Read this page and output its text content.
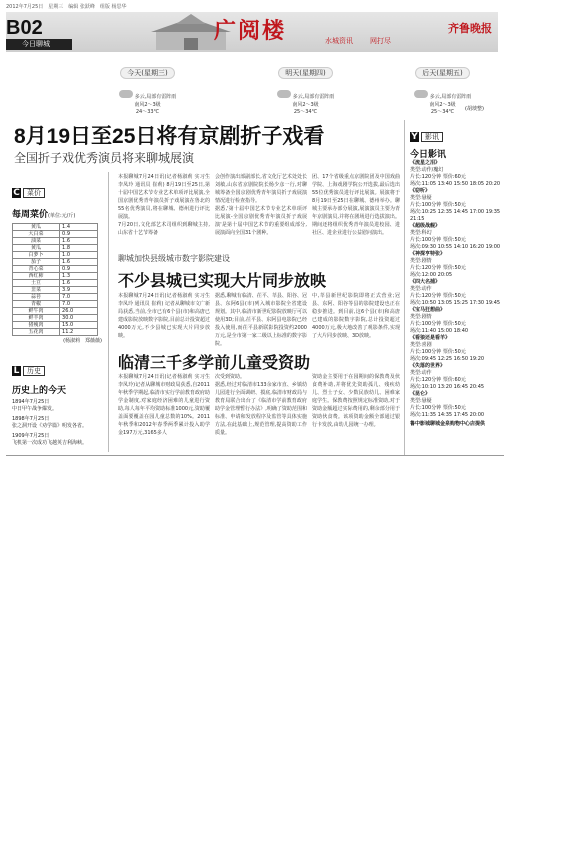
2012年7月25日　星期三　编辑 张跃峰　组版 杨思华
B02
今日聊城
广阅楼	水城资讯 网打尽
齐鲁晚报
今天(星期三)
多云,局部有雷阵雨
南风2～3级
24～33℃
明天(星期四)
多云,局部有雷阵雨
南风2～3级
25～34℃
后天(星期五)
多云,局部有雷阵雨
南风2～3级
25～34℃	(胡琰整)
8月19日至25日将有京剧折子戏看
全国折子戏优秀演员将来聊城展演
C 菜价
每周菜价(单位:元/斤)
黄瓜	1.4
大白菜	0.9
油菜	1.6
黄瓜	1.8
白萝卜	1.0
茄子	1.6
青心菜	0.9
西红柿	1.3
土豆	1.6
韭菜	3.9
蒜苔	7.0
青椒	7.0
鲜牛肉	26.0
鲜羊肉	30.0
猪瘦肉	15.0
五花肉	11.2
(杨淑莉　郑薇薇)
L 历史
历史上的今天
1894年7月25日
中日甲午战争爆发。
1898年7月25日
张之洞开设《劝学篇》明发各省。
1909年7月25日
飞机第一次成功飞越英吉利海峡。
本报聊城7月24日讯(记者杨淑莉 实习生 李凤玲 通讯员 崔莉) 8月19日至25日,第十届中国艺术节专业艺术单项评比展演,全国京剧优秀青年演员折子戏展演在鲁北的55名优秀演员,将在聊城、德州进行评比展演。
7月20日,文化部艺术司组织到聊城主持,山东省十艺节筹备
会创作演出部副部长,省文化厅艺术处处长刘敏,山东省京剧院院长杨少彦一行,对聊城筹备全国京剧优秀青年演员折子戏展演情况进行检查指导。
据悉,'第十届中国艺术节专业艺术单项评比展演-全国京剧优秀青年演员折子戏展演'是第十届中国艺术节的重要组成部分,展演面向全国31个剧种。
团、17个省级重点京剧院团及中国戏曲学院、上海戏剧学院公开选拔,最后选出55位优秀演员进行评比展演。展演将于8月19日至25日在聊城、德州举办。聊城主要承办部分展演,展演演员主要为青年京剧演员,并将在剧场进行选拔演出。期间还将组织优秀青年演员进校园、进社区、进企业进行公益慰问演出。
聊城加快县级城市数字影院建设
不少县城已实现大片同步放映
本报聊城7月24日讯(记者杨淑莉 实习生 李凤玲 通讯员 崔莉) 记者从聊城市文广新局获悉,当前,全市已有6个县(市)和高唐已建成影院放映数字影院,目前总计投资超过4000万元,不少县城已实现大片同步放映。
据悉,聊城有临清、茌平、莘县、阳谷、冠县、东阿6县(市)列入城市影院全省建设规划。其中,临清市新世纪影院放映厅可以使用3D;目前,茌平县、东阿县电影院已经投入使用,而茌平县新联影院投资约2000万元,是全市第一家二级以上标准的数字影院。
中,莘县新世纪影院即将正式营业;冠县、东阿、阳谷等县的影院建设也正在稳步推进。到目前,这6个县(市)和高唐已建成的影院数字影院,总计投资超过4000万元,极大地改善了观影条件,实现了大片同步放映、3D放映。
临清三千多学前儿童受资助
本报聊城7月24日讯(记者杨淑莉 实习生 李凤玲)记者从聊城市财政局获悉,自2011年秋季学期起,临清市实行学前教育政府助学金制度,对家庭经济困难的儿童进行资助,每人每年平均资助标准1000元,资助覆盖面要覆盖在园儿童总数的10%。2011年秋季和2012年春季两季累计投入助学金197万元,3165多人
次受到资助。
据悉,经过对临清市133余家市直、乡镇幼儿园进行全面调研、摸底,临清市财政局与教育局联合出台了《临清市学前教育政府助学金管理暂行办法》,明确了资助范围和标准、申请和发放程序及监管等具体实施方法,在此基础上,规范管理,提高资助工作质量。
资助金主要用于在园期间的保教费及伙食费补助,并将优先资助孤儿、残疾幼儿、烈士子女、少数民族幼儿、困难家庭学生。保教费按照规定标准资助,对于资助金额超过实际费用的,剩余部分用于资助伙食费。该项资助金额全部通过银行卡发放,由幼儿园统一办理。
Y 影讯
今日影讯
《流星之泪》
类型:动作/魔幻
片长:120分钟 票价:60元
场次:11:05 13:40 15:50 18:05 20:20
《窃听》
类型:悬疑
片长:100分钟 票价:50元
场次:10:25 12:35 14:45 17:00 19:35 21:15
《超级战舰》
类型:科幻
片长:100分钟 票价:50元
场次:09:30 10:55 14:10 16:20 19:00
《神探亨特张》
类型:剧情
片长:120分钟 票价:50元
场次:12:00 20:05
《四大名捕》
类型:动作
片长:120分钟 票价:50元
场次:10:50 13:05 15:25 17:30 19:45
《宝马狂想曲》
类型:剧情
片长:100分钟 票价:50元
场次:11:40 15:00 18:40
《看狼还是看羊》
类型:喜剧
片长:100分钟 票价:50元
场次:09:45 12:25 16:50 19:20
《失落的世界》
类型:动作
片长:120分钟 票价:60元
场次:10:10 13:20 16:45 20:45
《昆仑》
类型:悬疑
片长:100分钟 票价:50元
场次:11:35 14:35 17:45 20:00
鲁中影城聊城金泉购物中心店提供
